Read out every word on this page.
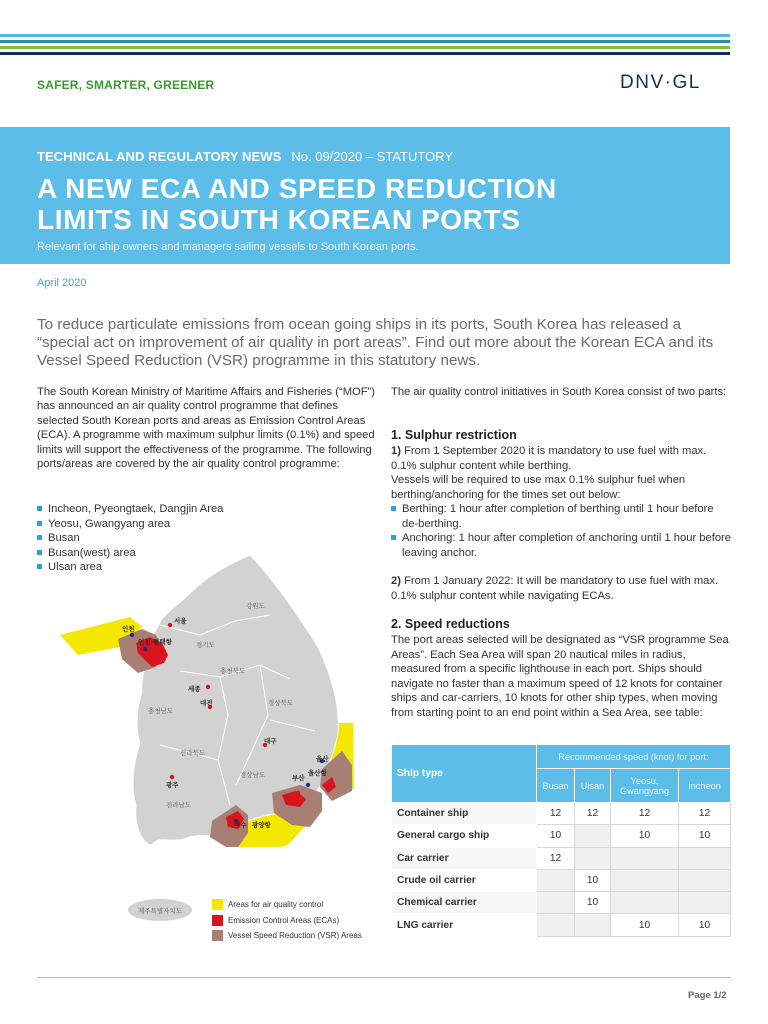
SAFER, SMARTER, GREENER	DNV·GL
TECHNICAL AND REGULATORY NEWS No. 09/2020 – STATUTORY
A NEW ECA AND SPEED REDUCTION
LIMITS IN SOUTH KOREAN PORTS
Relevant for ship owners and managers sailing vessels to South Korean ports.
April 2020
To reduce particulate emissions from ocean going ships in its ports, South Korea has released a “special act on improvement of air quality in port areas”. Find out more about the Korean ECA and its Vessel Speed Reduction (VSR) programme in this statutory news.
The South Korean Ministry of Maritime Affairs and Fisheries (“MOF”) has announced an air quality control programme that defines selected South Korean ports and areas as Emission Control Areas (ECA). A programme with maximum sulphur limits (0.1%) and speed limits will support the effectiveness of the programme. The following ports/areas are covered by the air quality control programme:
Incheon, Pyeongtaek, Dangjin Area
Yeosu, Gwangyang area
Busan
Busan(west) area
Ulsan area
인천
서울
인천·평택항	경기도
강원도
충청북도
세종
대전
충청남도
경상북도
대구
전라북도
울산
광주
경상남도	부산
울산항
전라남도
여수 광양항
제주특별자치도
Areas for air quality control
Emission Control Areas (ECAs)
Vessel Speed Reduction (VSR) Areas
The air quality control initiatives in South Korea consist of two parts:
1. Sulphur restriction
1) From 1 September 2020 it is mandatory to use fuel with max. 0.1% sulphur content while berthing.
Vessels will be required to use max 0.1% sulphur fuel when berthing/anchoring for the times set out below:
Berthing: 1 hour after completion of berthing until 1 hour before de-berthing.
Anchoring: 1 hour after completion of anchoring until 1 hour before leaving anchor.
2) From 1 January 2022: It will be mandatory to use fuel with max. 0.1% sulphur content while navigating ECAs.
2. Speed reductions
The port areas selected will be designated as “VSR programme Sea Areas”. Each Sea Area will span 20 nautical miles in radius, measured from a specific lighthouse in each port. Ships should navigate no faster than a maximum speed of 12 knots for container ships and car-carriers, 10 knots for other ship types, when moving from starting point to an end point within a Sea Area, see table:
Ship type	Recommended speed (knot) for port:			
	Busan	Ulsan	Yeosu, Gwangyang	Incheon
Container ship	12	12	12	12
General cargo ship	10		10	10
Car carrier	12			
Crude oil carrier		10		
Chemical carrier		10		
LNG carrier			10	10
Page 1/2
